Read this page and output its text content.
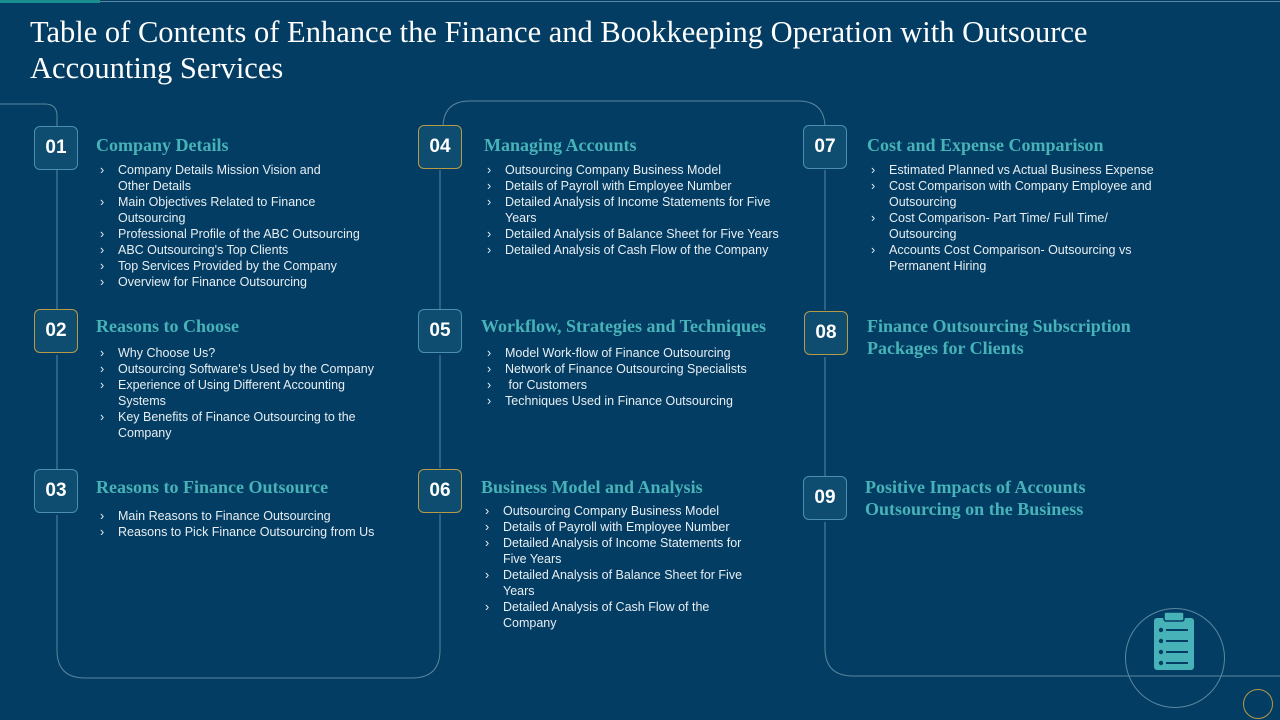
Table of Contents of Enhance the Finance and Bookkeeping Operation with Outsource Accounting Services
01	Company Details
› Company Details Mission Vision and Other Details
› Main Objectives Related to Finance Outsourcing
› Professional Profile of the ABC Outsourcing
› ABC Outsourcing's Top Clients
› Top Services Provided by the Company
› Overview for Finance Outsourcing
02	Reasons to Choose
› Why Choose Us?
› Outsourcing Software's Used by the Company
› Experience of Using Different Accounting Systems
› Key Benefits of Finance Outsourcing to the Company
03	Reasons to Finance Outsource
› Main Reasons to Finance Outsourcing
› Reasons to Pick Finance Outsourcing from Us
04	Managing Accounts
› Outsourcing Company Business Model
› Details of Payroll with Employee Number
› Detailed Analysis of Income Statements for Five Years
› Detailed Analysis of Balance Sheet for Five Years
› Detailed Analysis of Cash Flow of the Company
05	Workflow, Strategies and Techniques
› Model Work-flow of Finance Outsourcing
› Network of Finance Outsourcing Specialists
›  for Customers
› Techniques Used in Finance Outsourcing
06	Business Model and Analysis
› Outsourcing Company Business Model
› Details of Payroll with Employee Number
› Detailed Analysis of Income Statements for Five Years
› Detailed Analysis of Balance Sheet for Five Years
› Detailed Analysis of Cash Flow of the Company
07	Cost and Expense Comparison
› Estimated Planned vs Actual Business Expense
› Cost Comparison with Company Employee and Outsourcing
› Cost Comparison- Part Time/ Full Time/ Outsourcing
› Accounts Cost Comparison- Outsourcing vs Permanent Hiring
08	Finance Outsourcing Subscription Packages for Clients
09	Positive Impacts of Accounts Outsourcing on the Business
